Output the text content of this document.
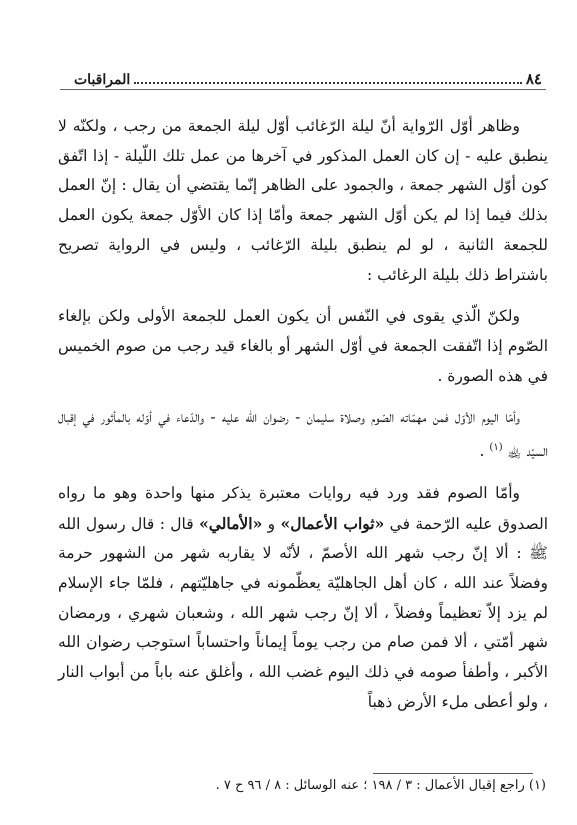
٨٤
المراقبات

وظاهر أوّل الرّواية أنّ ليلة الرّغائب أوّل ليلة الجمعة من رجب ، ولكنّه لا ينطبق عليه - إن كان العمل المذكور في آخرها من عمل تلك اللّيلة - إذا اتّفق كون أوّل الشهر جمعة ، والجمود على الظاهر إنّما يقتضي أن يقال : إنّ العمل بذلك فيما إذا لم يكن أوّل الشهر جمعة وأمّا إذا كان الأوّل جمعة يكون العمل للجمعة الثانية ، لو لم ينطبق بليلة الرّغائب ، وليس في الرواية تصريح باشتراط ذلك بليلة الرغائب :

ولكنّ الّذي يقوى في النّفس أن يكون العمل للجمعة الأولى ولكن بإلغاء الصّوم إذا اتّفقت الجمعة في أوّل الشهر أو بالغاء قيد رجب من صوم الخميس في هذه الصورة .

وأمّا اليوم الأوّل فمن مهمّاته الصّوم وصلاة سليمان - رضوان الله عليه - والدّعاء في أوّله بالمأثور في إقبال السيّد ﵀ $^{(١)}$ .

وأمّا الصوم فقد ورد فيه روايات معتبرة يذكر منها واحدة وهو ما رواه الصدوق عليه الرّحمة في «ثواب الأعمال» و «الأمالي» قال : قال رسول الله ﷺ : ألا إنّ رجب شهر الله الأصمّ ، لأنّه لا يقاربه شهر من الشهور حرمة وفضلاً عند الله ، كان أهل الجاهليّة يعظّمونه في جاهليّتهم ، فلمّا جاء الإسلام لم يزد إلاّ تعظيماً وفضلاً ، ألا إنّ رجب شهر الله ، وشعبان شهري ، ورمضان شهر أمّتي ، ألا فمن صام من رجب يوماً إيماناً واحتساباً استوجب رضوان الله الأكبر ، وأطفأ صومه في ذلك اليوم غضب الله ، وأغلق عنه باباً من أبواب النار ، ولو أعطى ملء الأرض ذهباً

(١) راجع إقبال الأعمال : ٣ / ١٩٨ ؛ عنه الوسائل : ٨ / ٩٦ ح ٧ .
